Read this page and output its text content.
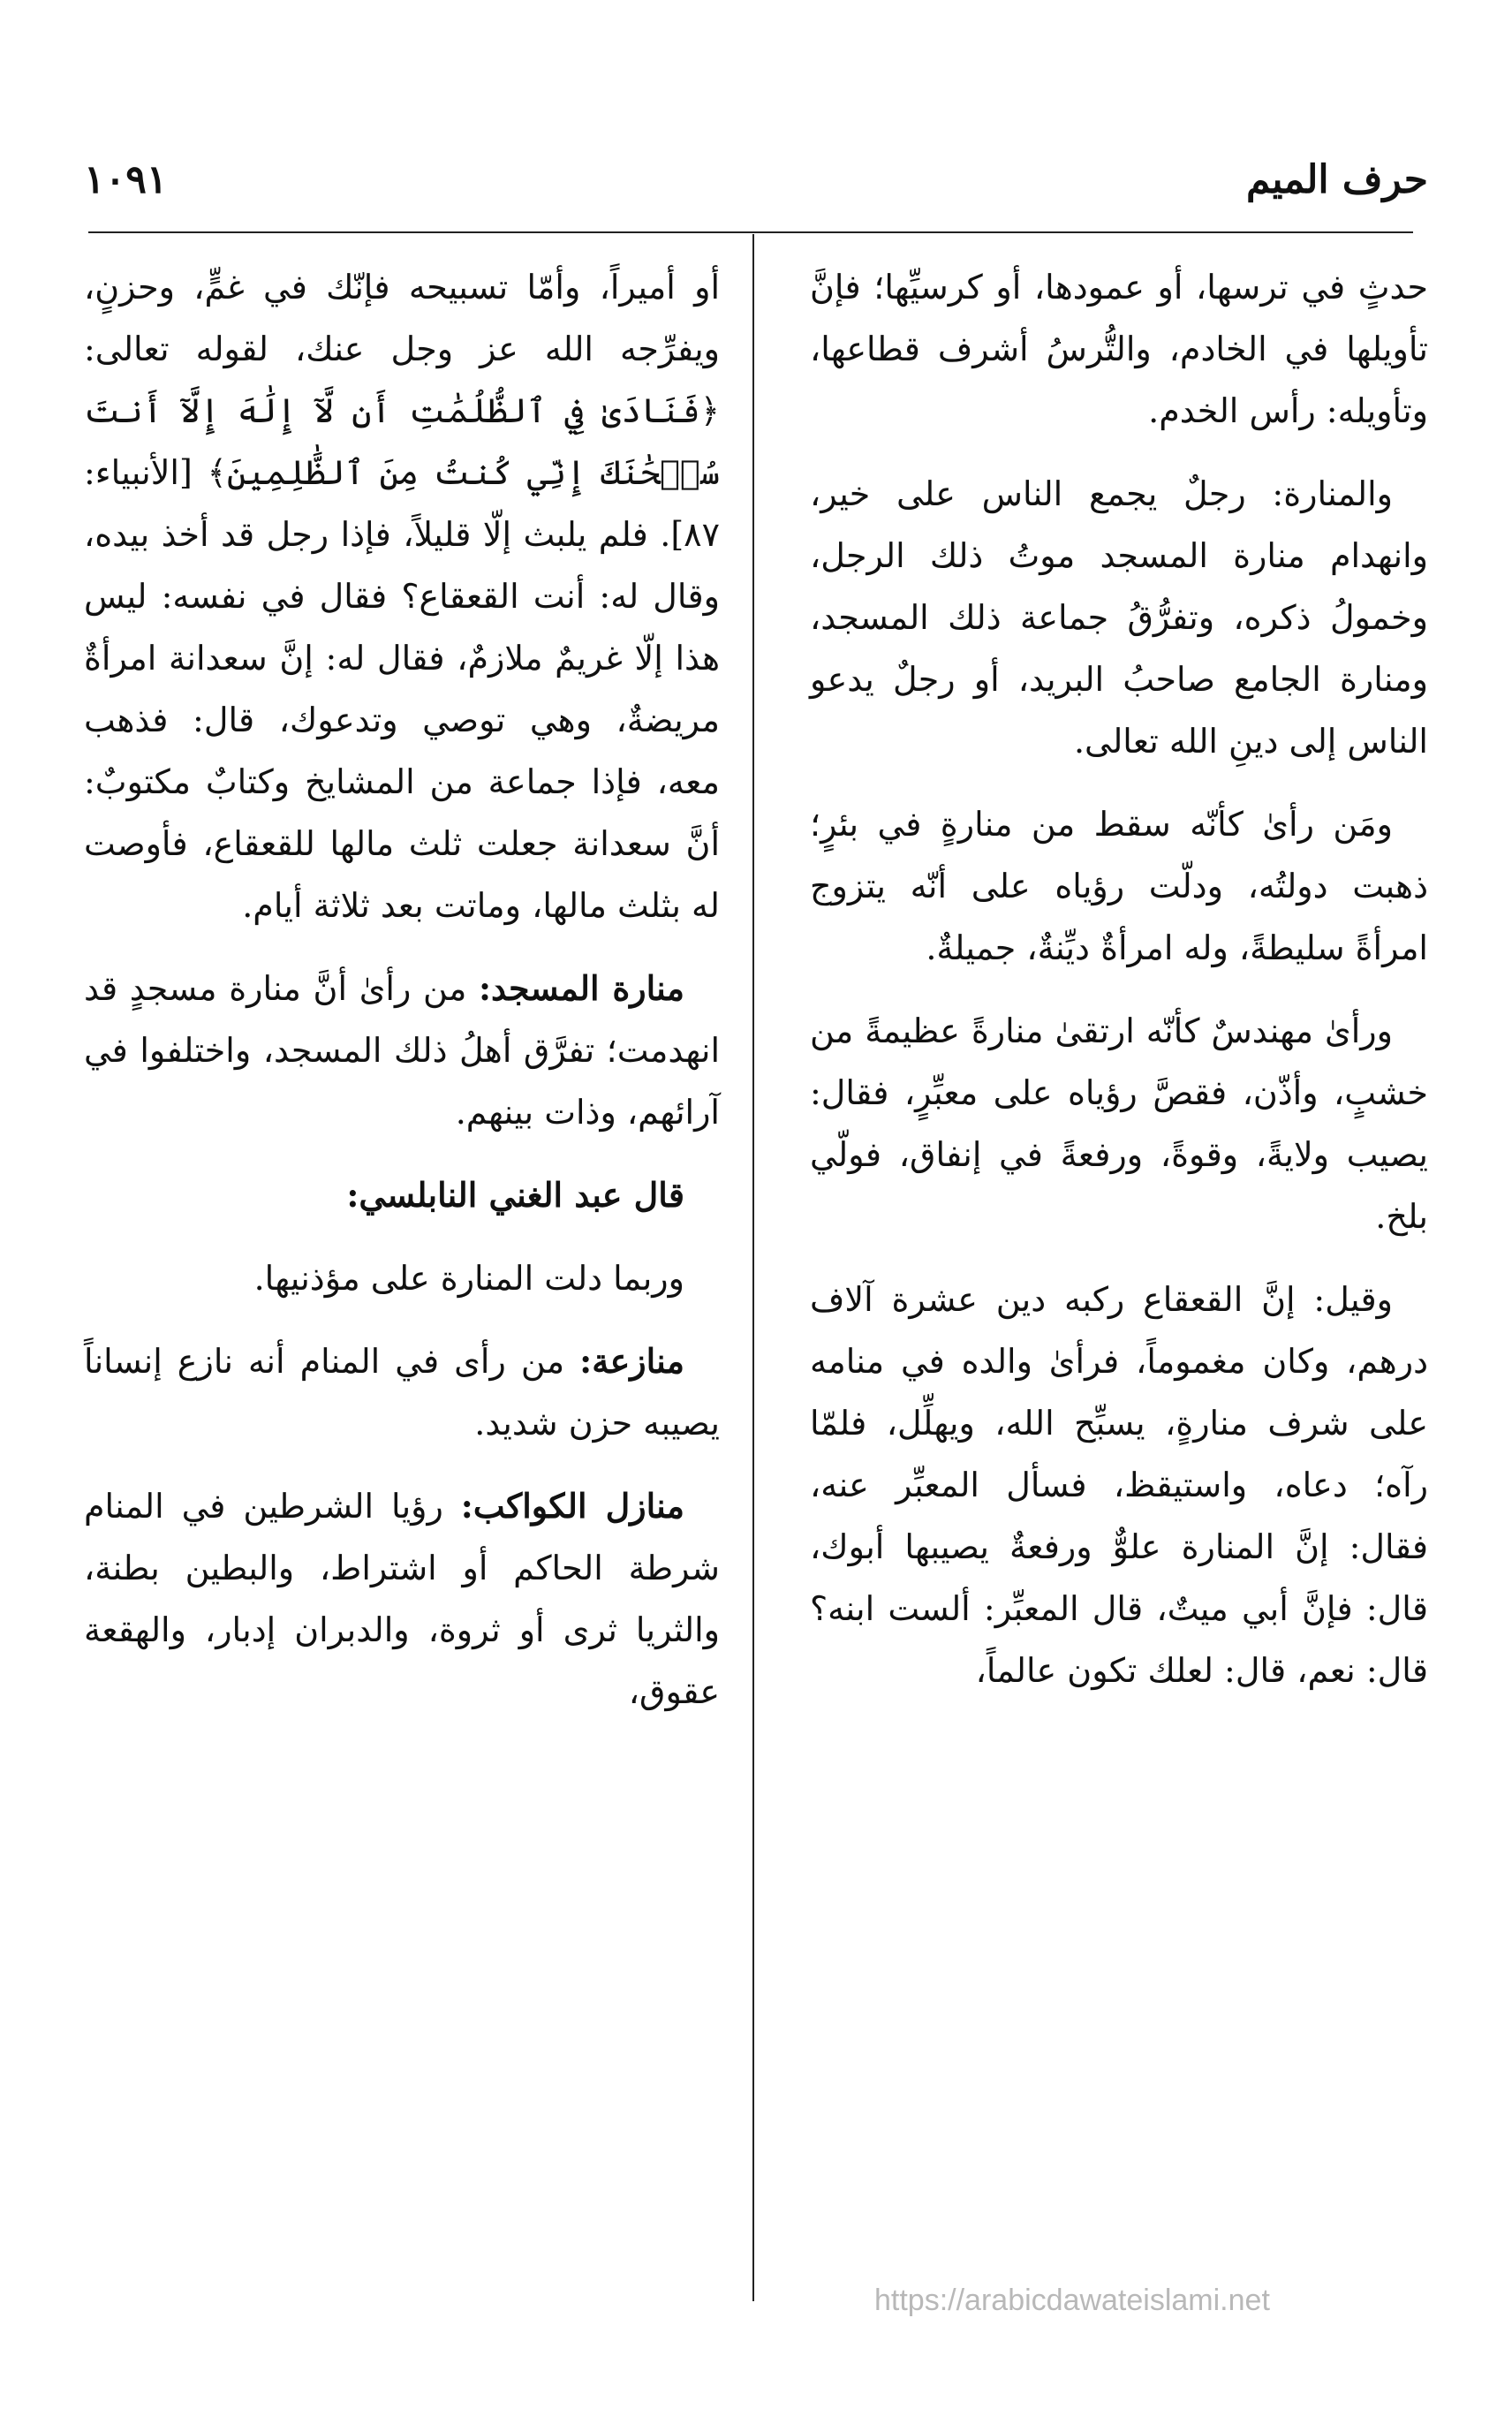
حرف الميم
١٠٩١

حدثٍ في ترسها، أو عمودها، أو كرسيِّها؛ فإنَّ تأويلها في الخادم، والتُّرسُ أشرف قطاعها، وتأويله: رأس الخدم.

والمنارة: رجلٌ يجمع الناس على خير، وانهدام منارة المسجد موتُ ذلك الرجل، وخمولُ ذكره، وتفرُّقُ جماعة ذلك المسجد، ومنارة الجامع صاحبُ البريد، أو رجلٌ يدعو الناس إلى دينِ الله تعالى.

ومَن رأىٰ كأنّه سقط من منارةٍ في بئرٍ؛ ذهبت دولتُه، ودلّت رؤياه على أنّه يتزوج امرأةً سليطةً، وله امرأةٌ ديِّنةٌ، جميلةٌ.

ورأىٰ مهندسٌ كأنّه ارتقىٰ منارةً عظيمةً من خشبٍ، وأذّن، فقصَّ رؤياه على معبِّرٍ، فقال: يصيب ولايةً، وقوةً، ورفعةً في إنفاق، فولّي بلخ.

وقيل: إنَّ القعقاع ركبه دين عشرة آلاف درهم، وكان مغموماً، فرأىٰ والده في منامه على شرف منارةٍ، يسبِّح الله، ويهلِّل، فلمّا رآه؛ دعاه، واستيقظ، فسأل المعبِّر عنه، فقال: إنَّ المنارة علوٌّ ورفعةٌ يصيبها أبوك، قال: فإنَّ أبي ميتٌ، قال المعبِّر: ألست ابنه؟ قال: نعم، قال: لعلك تكون عالماً،

أو أميراً، وأمّا تسبيحه فإنّك في غمٍّ، وحزنٍ، ويفرِّجه الله عز وجل عنك، لقوله تعالى: ﴿فَنَادَىٰ فِي ٱلظُّلُمَٰتِ أَن لَّآ إِلَٰهَ إِلَّآ أَنتَ سُبۡحَٰنَكَ إِنِّي كُنتُ مِنَ ٱلظَّٰلِمِينَ﴾ [الأنبياء: ٨٧]. فلم يلبث إلّا قليلاً، فإذا رجل قد أخذ بيده، وقال له: أنت القعقاع؟ فقال في نفسه: ليس هذا إلّا غريمٌ ملازمٌ، فقال له: إنَّ سعدانة امرأةٌ مريضةٌ، وهي توصي وتدعوك، قال: فذهب معه، فإذا جماعة من المشايخ وكتابٌ مكتوبٌ: أنَّ سعدانة جعلت ثلث مالها للقعقاع، فأوصت له بثلث مالها، وماتت بعد ثلاثة أيام.

منارة المسجد: من رأىٰ أنَّ منارة مسجدٍ قد انهدمت؛ تفرَّق أهلُ ذلك المسجد، واختلفوا في آرائهم، وذات بينهم.

قال عبد الغني النابلسي:

وربما دلت المنارة على مؤذنيها.

منازعة: من رأى في المنام أنه نازع إنساناً يصيبه حزن شديد.

منازل الكواكب: رؤيا الشرطين في المنام شرطة الحاكم أو اشتراط، والبطين بطنة، والثريا ثرى أو ثروة، والدبران إدبار، والهقعة عقوق،

https://arabicdawateislami.net
